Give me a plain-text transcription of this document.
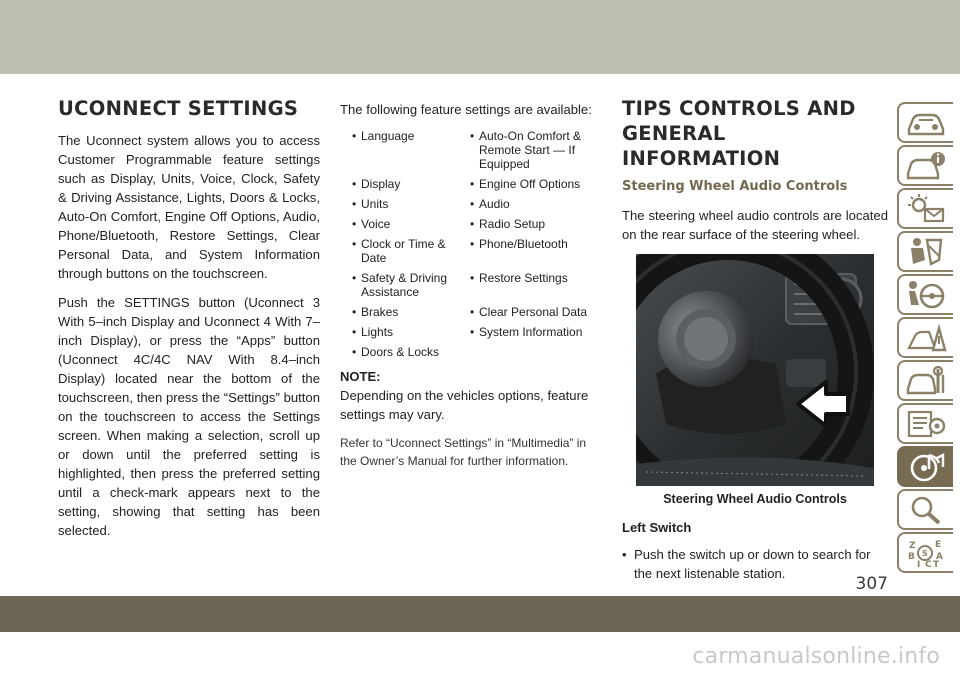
UCONNECT SETTINGS

The Uconnect system allows you to access Customer Programmable feature settings such as Display, Units, Voice, Clock, Safety & Driving Assistance, Lights, Doors & Locks, Auto-On Comfort, Engine Off Options, Audio, Phone/Bluetooth, Restore Settings, Clear Personal Data, and System Information through buttons on the touchscreen.

Push the SETTINGS button (Uconnect 3 With 5–inch Display and Uconnect 4 With 7–inch Display), or press the “Apps” button (Uconnect 4C/4C NAV With 8.4–inch Display) located near the bottom of the touchscreen, then press the “Settings” button on the touchscreen to access the Settings screen. When making a selection, scroll up or down until the preferred setting is highlighted, then press the preferred setting until a check-mark appears next to the setting, showing that setting has been selected.

The following feature settings are available:

• Language	• Auto-On Comfort & Remote Start — If Equipped
• Display	• Engine Off Options
• Units	• Audio
• Voice	• Radio Setup
• Clock or Time & Date
• Phone/Bluetooth
• Safety & Driving Assistance
• Restore Settings
• Brakes	• Clear Personal Data
• Lights	• System Information
• Doors & Locks
NOTE:

Depending on the vehicles options, feature settings may vary.

Refer to “Uconnect Settings” in “Multimedia” in the Owner’s Manual for further information.

TIPS CONTROLS AND GENERAL INFORMATION
Steering Wheel Audio Controls

The steering wheel audio controls are located on the rear surface of the steering wheel.

Steering Wheel Audio Controls
Left Switch
• Push the switch up or down to search for the next listenable station.
Z E
B A
I C T
S
307
carmanualsonline.info
